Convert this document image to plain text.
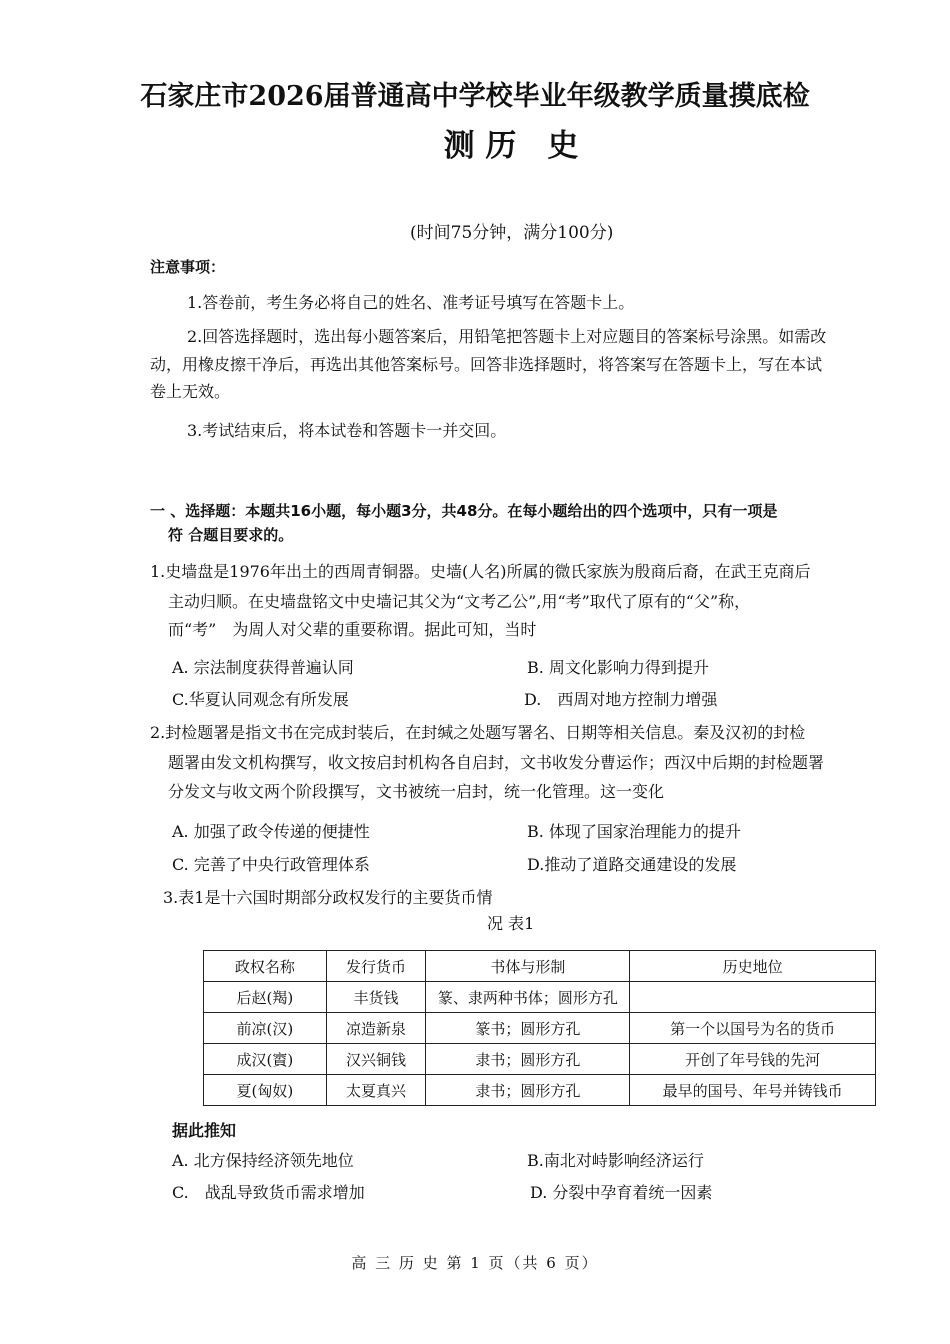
石家庄市2026届普通高中学校毕业年级教学质量摸底检
测 历　史
(时间75分钟，满分100分)
注意事项：
1.答卷前，考生务必将自己的姓名、准考证号填写在答题卡上。
2.回答选择题时，选出每小题答案后，用铅笔把答题卡上对应题目的答案标号涂黑。如需改
动，用橡皮擦干净后，再选出其他答案标号。回答非选择题时，将答案写在答题卡上，写在本试
卷上无效。
3.考试结束后，将本试卷和答题卡一并交回。
一 、选择题：本题共16小题，每小题3分，共48分。在每小题给出的四个选项中，只有一项是
符 合题目要求的。
1.史墙盘是1976年出土的西周青铜器。史墙(人名)所属的微氏家族为殷商后裔，在武王克商后
主动归顺。在史墙盘铭文中史墙记其父为“文考乙公”,用“考”取代了原有的“父”称，
而“考”　为周人对父辈的重要称谓。据此可知，当时
A. 宗法制度获得普遍认同	B. 周文化影响力得到提升
C.华夏认同观念有所发展	D.　西周对地方控制力增强
2.封检题署是指文书在完成封装后，在封缄之处题写署名、日期等相关信息。秦及汉初的封检
题署由发文机构撰写，收文按启封机构各自启封，文书收发分曹运作；西汉中后期的封检题署
分发文与收文两个阶段撰写，文书被统一启封，统一化管理。这一变化
A. 加强了政令传递的便捷性	B. 体现了国家治理能力的提升
C. 完善了中央行政管理体系	D.推动了道路交通建设的发展
3.表1是十六国时期部分政权发行的主要货币情
况 表1
政权名称	发行货币	书体与形制	历史地位
后赵(羯)	丰货钱	篆、隶两种书体；圆形方孔	
前凉(汉)	凉造新泉	篆书；圆形方孔	第一个以国号为名的货币
成汉(賨)	汉兴铜钱	隶书；圆形方孔	开创了年号钱的先河
夏(匈奴)	太夏真兴	隶书；圆形方孔	最早的国号、年号并铸钱币
据此推知
A. 北方保持经济领先地位	B.南北对峙影响经济运行
C.　战乱导致货币需求增加	D. 分裂中孕育着统一因素
高 三 历 史 第 1 页（共 6 页）
